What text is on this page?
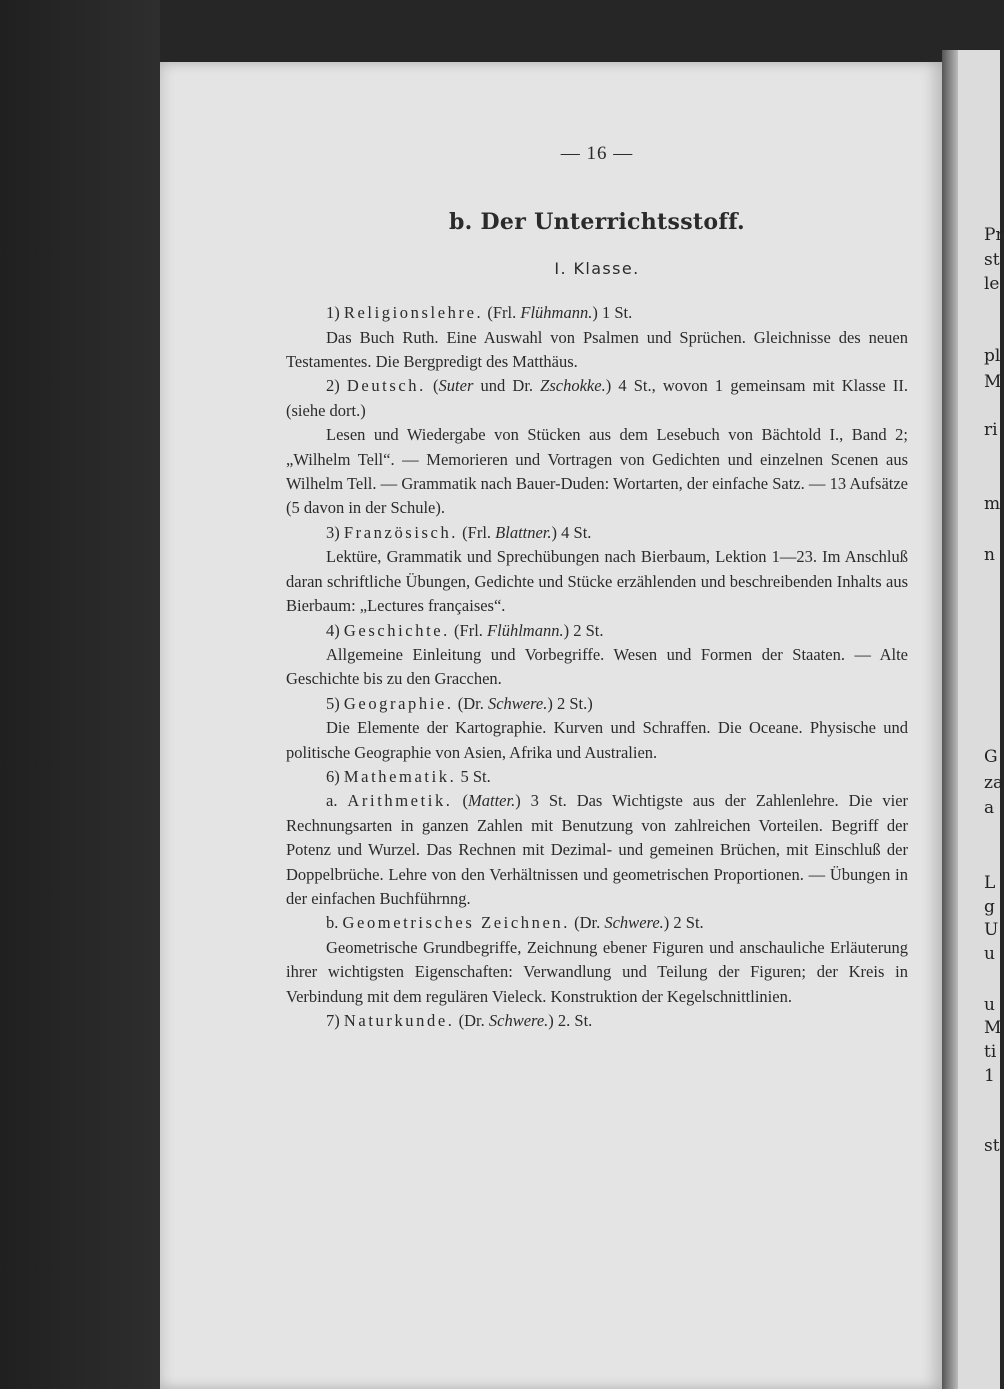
Pr
st
le
pl
M
ri
m
n
G
za
a
L
g
U
u
u
M
ti
1
st
— 16 —
b. Der Unterrichtsstoff.
I. Klasse.

1) Religionslehre. (Frl. Flühmann.) 1 St.

Das Buch Ruth. Eine Auswahl von Psalmen und Sprüchen. Gleichnisse des neuen Testamentes. Die Bergpredigt des Matthäus.

2) Deutsch. (Suter und Dr. Zschokke.) 4 St., wovon 1 gemeinsam mit Klasse II. (siehe dort.)

Lesen und Wiedergabe von Stücken aus dem Lesebuch von Bächtold I., Band 2; „Wilhelm Tell“. — Memorieren und Vortragen von Gedichten und einzelnen Scenen aus Wilhelm Tell. — Grammatik nach Bauer-Duden: Wortarten, der einfache Satz. — 13 Aufsätze (5 davon in der Schule).

3) Französisch. (Frl. Blattner.) 4 St.

Lektüre, Grammatik und Sprechübungen nach Bierbaum, Lektion 1—23. Im Anschluß daran schriftliche Übungen, Gedichte und Stücke erzählenden und beschreibenden Inhalts aus Bierbaum: „Lectures françaises“.

4) Geschichte. (Frl. Flühlmann.) 2 St.

Allgemeine Einleitung und Vorbegriffe. Wesen und Formen der Staaten. — Alte Geschichte bis zu den Gracchen.

5) Geographie. (Dr. Schwere.) 2 St.)

Die Elemente der Kartographie. Kurven und Schraffen. Die Oceane. Physische und politische Geographie von Asien, Afrika und Australien.

6) Mathematik. 5 St.

a. Arithmetik. (Matter.) 3 St. Das Wichtigste aus der Zahlenlehre. Die vier Rechnungsarten in ganzen Zahlen mit Benutzung von zahlreichen Vorteilen. Begriff der Potenz und Wurzel. Das Rechnen mit Dezimal- und gemeinen Brüchen, mit Einschluß der Doppelbrüche. Lehre von den Verhältnissen und geometrischen Proportionen. — Übungen in der einfachen Buchführnng.

b. Geometrisches Zeichnen. (Dr. Schwere.) 2 St.

Geometrische Grundbegriffe, Zeichnung ebener Figuren und anschauliche Erläuterung ihrer wichtigsten Eigenschaften: Verwandlung und Teilung der Figuren; der Kreis in Verbindung mit dem regulären Vieleck. Konstruktion der Kegelschnittlinien.

7) Naturkunde. (Dr. Schwere.) 2. St.
